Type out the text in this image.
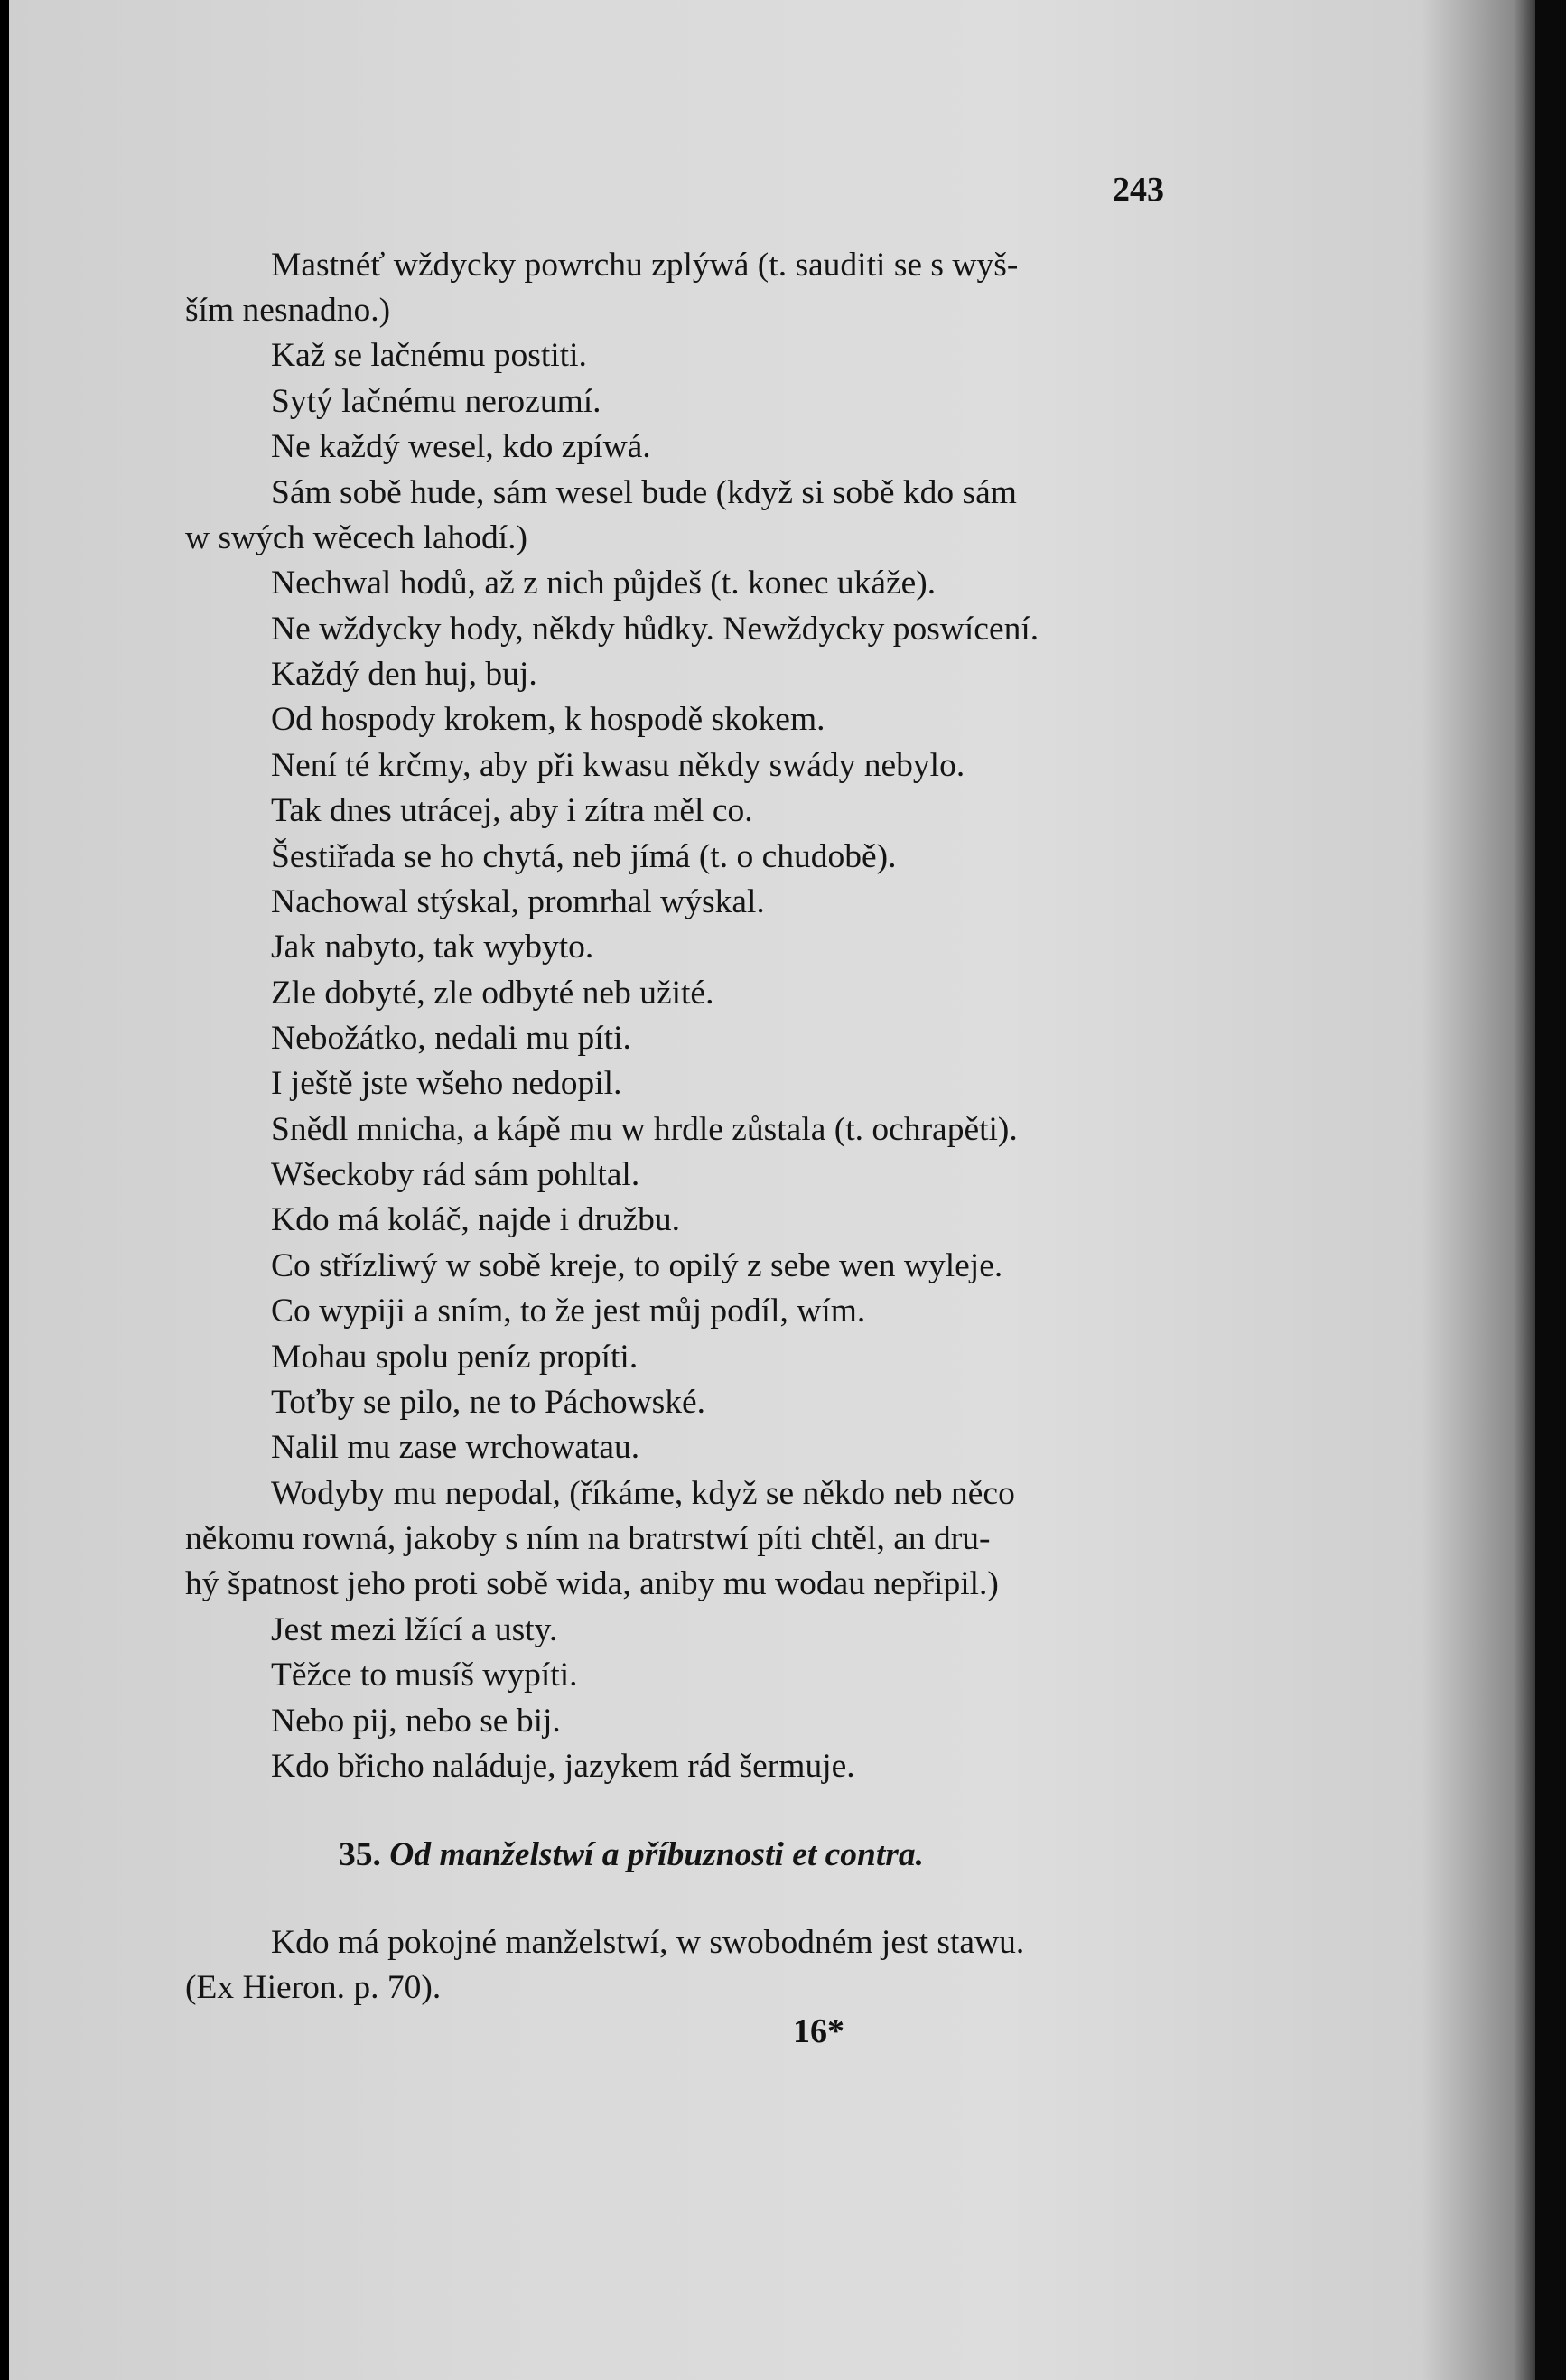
243
Mastnéť wždycky powrchu zplýwá (t. sauditi se s wyš-
ším nesnadno.)
Kaž se lačnému postiti.
Sytý lačnému nerozumí.
Ne každý wesel, kdo zpíwá.
Sám sobě hude, sám wesel bude (když si sobě kdo sám
w swých wěcech lahodí.)
Nechwal hodů, až z nich půjdeš (t. konec ukáže).
Ne wždycky hody, někdy hůdky. Newždycky poswícení.
Každý den huj, buj.
Od hospody krokem, k hospodě skokem.
Není té krčmy, aby při kwasu někdy swády nebylo.
Tak dnes utrácej, aby i zítra měl co.
Šestiřada se ho chytá, neb jímá (t. o chudobě).
Nachowal stýskal, promrhal wýskal.
Jak nabyto, tak wybyto.
Zle dobyté, zle odbyté neb užité.
Nebožátko, nedali mu píti.
I ještě jste wšeho nedopil.
Snědl mnicha, a kápě mu w hrdle zůstala (t. ochrapěti).
Wšeckoby rád sám pohltal.
Kdo má koláč, najde i družbu.
Co střízliwý w sobě kreje, to opilý z sebe wen wyleje.
Co wypiji a sním, to že jest můj podíl, wím.
Mohau spolu peníz propíti.
Toťby se pilo, ne to Páchowské.
Nalil mu zase wrchowatau.
Wodyby mu nepodal, (říkáme, když se někdo neb něco
někomu rowná, jakoby s ním na bratrstwí píti chtěl, an dru-
hý špatnost jeho proti sobě wida, aniby mu wodau nepřipil.)
Jest mezi lžící a usty.
Těžce to musíš wypíti.
Nebo pij, nebo se bij.
Kdo břicho naláduje, jazykem rád šermuje.
35. Od manželstwí a příbuznosti et contra.
Kdo má pokojné manželstwí, w swobodném jest stawu.
(Ex Hieron. p. 70).
16*
